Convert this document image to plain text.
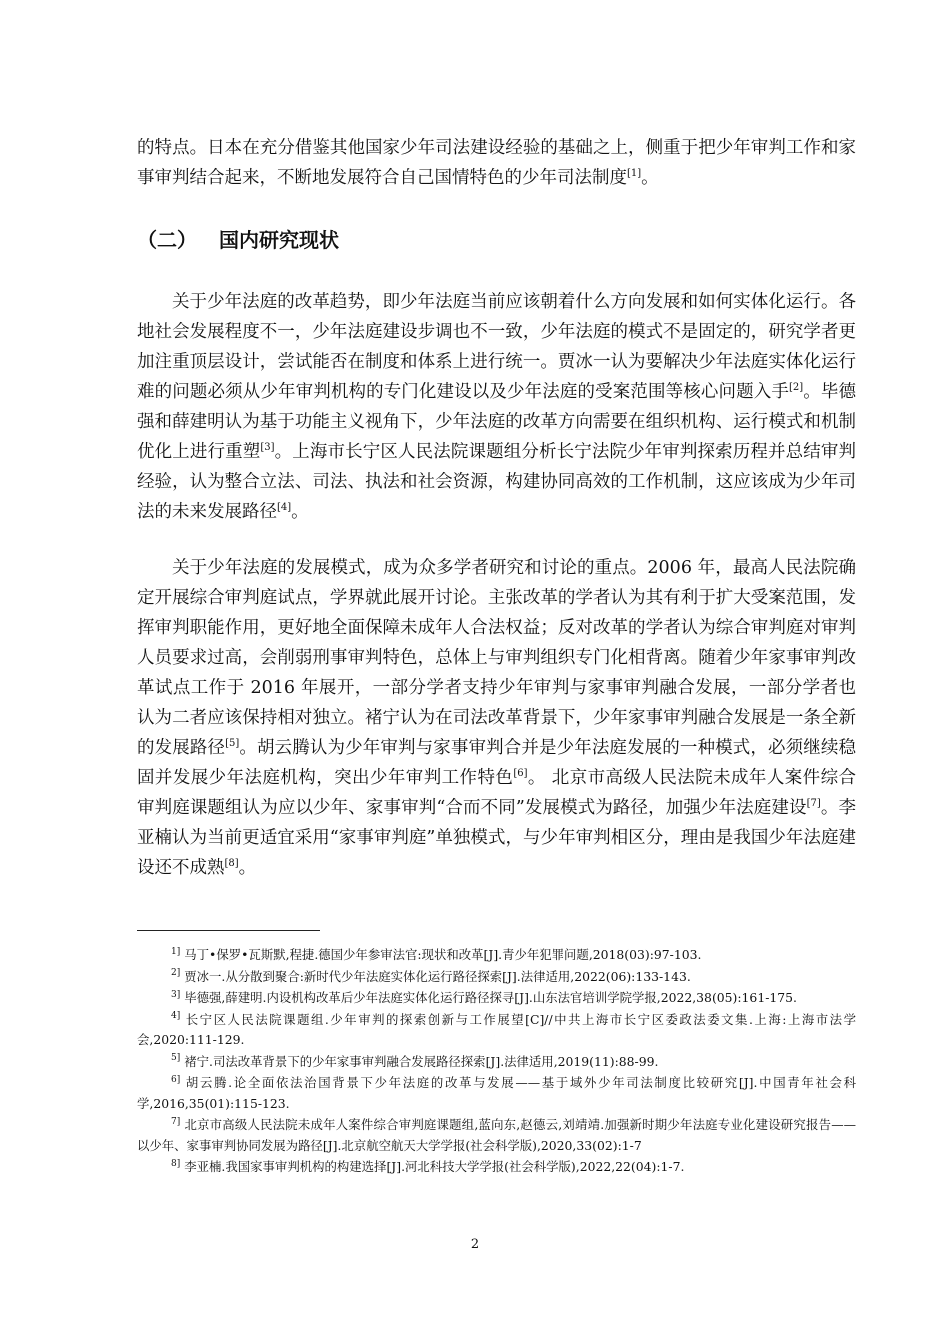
的特点。日本在充分借鉴其他国家少年司法建设经验的基础之上，侧重于把少年审判工作和家事审判结合起来，不断地发展符合自己国情特色的少年司法制度[1]。

（二） 国内研究现状

关于少年法庭的改革趋势，即少年法庭当前应该朝着什么方向发展和如何实体化运行。各地社会发展程度不一，少年法庭建设步调也不一致，少年法庭的模式不是固定的，研究学者更加注重顶层设计，尝试能否在制度和体系上进行统一。贾冰一认为要解决少年法庭实体化运行难的问题必须从少年审判机构的专门化建设以及少年法庭的受案范围等核心问题入手[2]。毕德强和薛建明认为基于功能主义视角下，少年法庭的改革方向需要在组织机构、运行模式和机制优化上进行重塑[3]。上海市长宁区人民法院课题组分析长宁法院少年审判探索历程并总结审判经验，认为整合立法、司法、执法和社会资源，构建协同高效的工作机制，这应该成为少年司法的未来发展路径[4]。

关于少年法庭的发展模式，成为众多学者研究和讨论的重点。2006 年，最高人民法院确定开展综合审判庭试点，学界就此展开讨论。主张改革的学者认为其有利于扩大受案范围，发挥审判职能作用，更好地全面保障未成年人合法权益；反对改革的学者认为综合审判庭对审判人员要求过高，会削弱刑事审判特色，总体上与审判组织专门化相背离。随着少年家事审判改革试点工作于 2016 年展开，一部分学者支持少年审判与家事审判融合发展，一部分学者也认为二者应该保持相对独立。褚宁认为在司法改革背景下，少年家事审判融合发展是一条全新的发展路径[5]。胡云腾认为少年审判与家事审判合并是少年法庭发展的一种模式，必须继续稳固并发展少年法庭机构，突出少年审判工作特色[6]。 北京市高级人民法院未成年人案件综合审判庭课题组认为应以少年、家事审判“合而不同”发展模式为路径，加强少年法庭建设[7]。李亚楠认为当前更适宜采用“家事审判庭”单独模式，与少年审判相区分，理由是我国少年法庭建设还不成熟[8]。

$^{1]}$ 马丁•保罗•瓦斯默,程捷.德国少年参审法官:现状和改革[J].青少年犯罪问题,2018(03):97-103.

$^{2]}$ 贾冰一.从分散到聚合:新时代少年法庭实体化运行路径探索[J].法律适用,2022(06):133-143.

$^{3]}$ 毕德强,薛建明.内设机构改革后少年法庭实体化运行路径探寻[J].山东法官培训学院学报,2022,38(05):161-175.

$^{4]}$ 长宁区人民法院课题组.少年审判的探索创新与工作展望[C]//中共上海市长宁区委政法委文集.上海:上海市法学会,2020:111-129.

$^{5]}$ 褚宁.司法改革背景下的少年家事审判融合发展路径探索[J].法律适用,2019(11):88-99.

$^{6]}$ 胡云腾.论全面依法治国背景下少年法庭的改革与发展——基于域外少年司法制度比较研究[J].中国青年社会科学,2016,35(01):115-123.

$^{7]}$ 北京市高级人民法院未成年人案件综合审判庭课题组,蓝向东,赵德云,刘靖靖.加强新时期少年法庭专业化建设研究报告——以少年、家事审判协同发展为路径[J].北京航空航天大学学报(社会科学版),2020,33(02):1-7

$^{8]}$ 李亚楠.我国家事审判机构的构建选择[J].河北科技大学学报(社会科学版),2022,22(04):1-7.

2
